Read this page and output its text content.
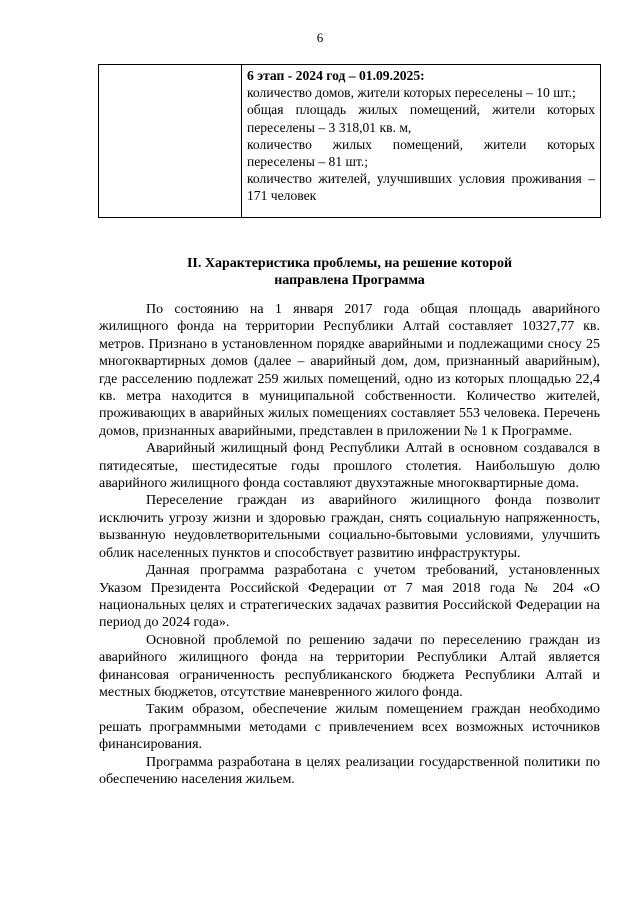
6
6 этап - 2024 год – 01.09.2025:
количество домов, жители которых переселены – 10 шт.;
общая площадь жилых помещений, жители которых переселены – 3 318,01 кв. м,
количество жилых помещений, жители которых переселены – 81 шт.;
количество жителей, улучшивших условия проживания – 171 человек
II. Характеристика проблемы, на решение которой
направлена Программа

По состоянию на 1 января 2017 года общая площадь аварийного жилищного фонда на территории Республики Алтай составляет 10327,77 кв. метров. Признано в установленном порядке аварийными и подлежащими сносу 25 многоквартирных домов (далее – аварийный дом, дом, признанный аварийным), где расселению подлежат 259 жилых помещений, одно из которых площадью 22,4 кв. метра находится в муниципальной собственности. Количество жителей, проживающих в аварийных жилых помещениях составляет 553 человека. Перечень домов, признанных аварийными, представлен в приложении № 1 к Программе.

Аварийный жилищный фонд Республики Алтай в основном создавался в пятидесятые, шестидесятые годы прошлого столетия. Наибольшую долю аварийного жилищного фонда составляют двухэтажные многоквартирные дома.

Переселение граждан из аварийного жилищного фонда позволит исключить угрозу жизни и здоровью граждан, снять социальную напряженность, вызванную неудовлетворительными социально-бытовыми условиями, улучшить облик населенных пунктов и способствует развитию инфраструктуры.

Данная программа разработана с учетом требований, установленных Указом Президента Российской Федерации от 7 мая 2018 года № 204 «О национальных целях и стратегических задачах развития Российской Федерации на период до 2024 года».

Основной проблемой по решению задачи по переселению граждан из аварийного жилищного фонда на территории Республики Алтай является финансовая ограниченность республиканского бюджета Республики Алтай и местных бюджетов, отсутствие маневренного жилого фонда.

Таким образом, обеспечение жилым помещением граждан необходимо решать программными методами с привлечением всех возможных источников финансирования.

Программа разработана в целях реализации государственной политики по обеспечению населения жильем.
